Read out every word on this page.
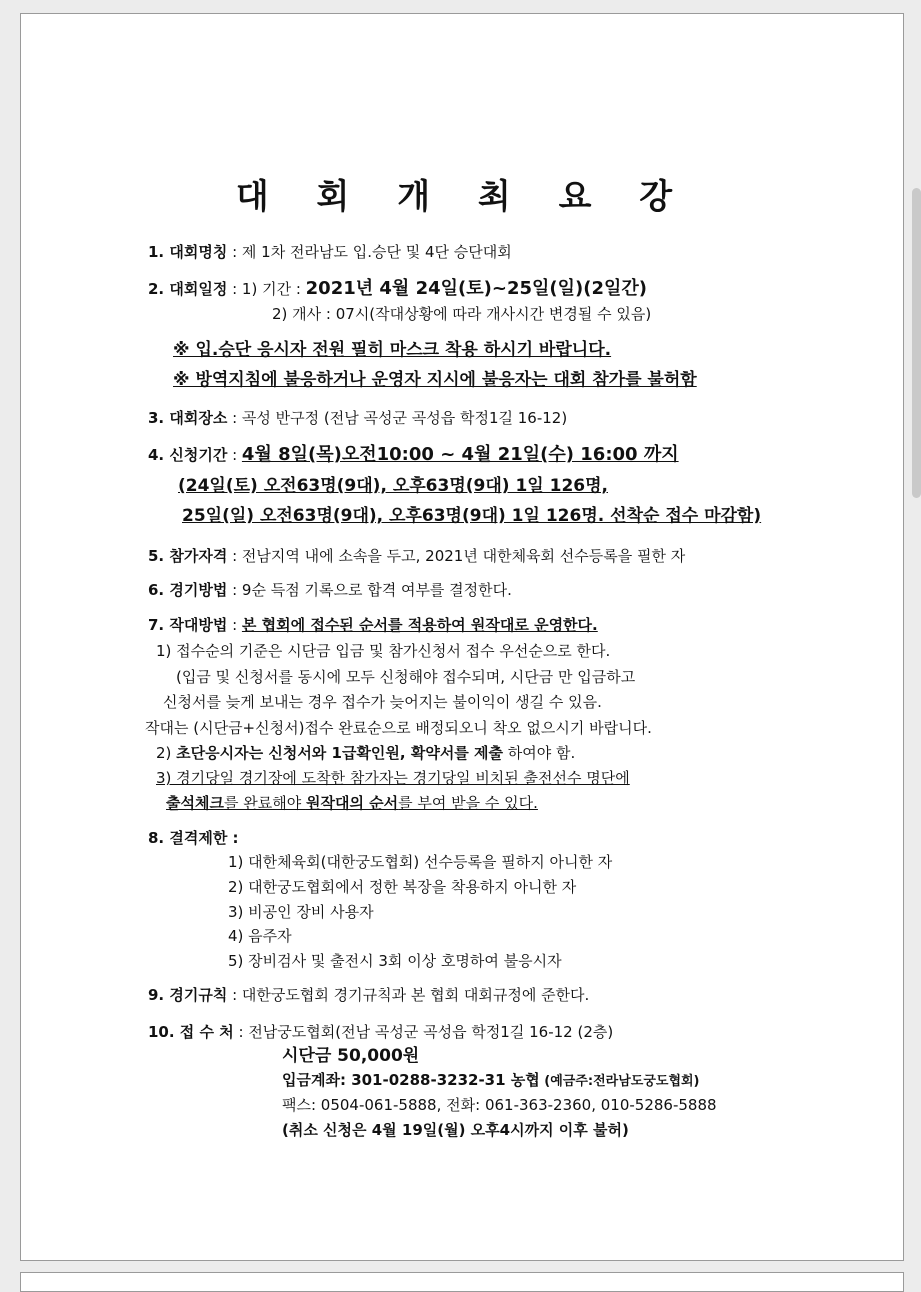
대 회 개 최 요 강
1. 대회명칭 : 제 1차 전라남도 입.승단 및 4단 승단대회
2. 대회일정 : 1) 기간 : 2021년 4월 24일(토)~25일(일)(2일간)
2) 개사 : 07시(작대상황에 따라 개사시간 변경될 수 있음)
※ 입.승단 응시자 전원 필히 마스크 착용 하시기 바랍니다.
※ 방역지침에 불응하거나 운영자 지시에 불응자는 대회 참가를 불허함
3. 대회장소 : 곡성 반구정 (전남 곡성군 곡성읍 학정1길 16-12)
4. 신청기간 : 4월 8일(목)오전10:00 ~ 4월 21일(수) 16:00 까지
(24일(토) 오전63명(9대), 오후63명(9대) 1일 126명,
25일(일) 오전63명(9대), 오후63명(9대) 1일 126명. 선착순 접수 마감함)
5. 참가자격 : 전남지역 내에 소속을 두고, 2021년 대한체육회 선수등록을 필한 자
6. 경기방법 : 9순 득점 기록으로 합격 여부를 결정한다.
7. 작대방법 : 본 협회에 접수된 순서를 적용하여 원작대로 운영한다.
1) 접수순의 기준은 시단금 입금 및 참가신청서 접수 우선순으로 한다.
(입금 및 신청서를 동시에 모두 신청해야 접수되며, 시단금 만 입금하고
신청서를 늦게 보내는 경우 접수가 늦어지는 불이익이 생길 수 있음.
작대는 (시단금+신청서)접수 완료순으로 배정되오니 착오 없으시기 바랍니다.
2) 초단응시자는 신청서와 1급확인원, 확약서를 제출 하여야 함.
3) 경기당일 경기장에 도착한 참가자는 경기당일 비치된 출전선수 명단에
출석체크를 완료해야 원작대의 순서를 부여 받을 수 있다.
8. 결격제한 :
1) 대한체육회(대한궁도협회) 선수등록을 필하지 아니한 자
2) 대한궁도협회에서 정한 복장을 착용하지 아니한 자
3) 비공인 장비 사용자
4) 음주자
5) 장비검사 및 출전시 3회 이상 호명하여 불응시자
9. 경기규칙 : 대한궁도협회 경기규칙과 본 협회 대회규정에 준한다.
10. 접 수 처 : 전남궁도협회(전남 곡성군 곡성읍 학정1길 16-12 (2층)
시단금 50,000원
입금계좌: 301-0288-3232-31 농협 (예금주:전라남도궁도협회)
팩스: 0504-061-5888, 전화: 061-363-2360, 010-5286-5888
(취소 신청은 4월 19일(월) 오후4시까지 이후 불허)
